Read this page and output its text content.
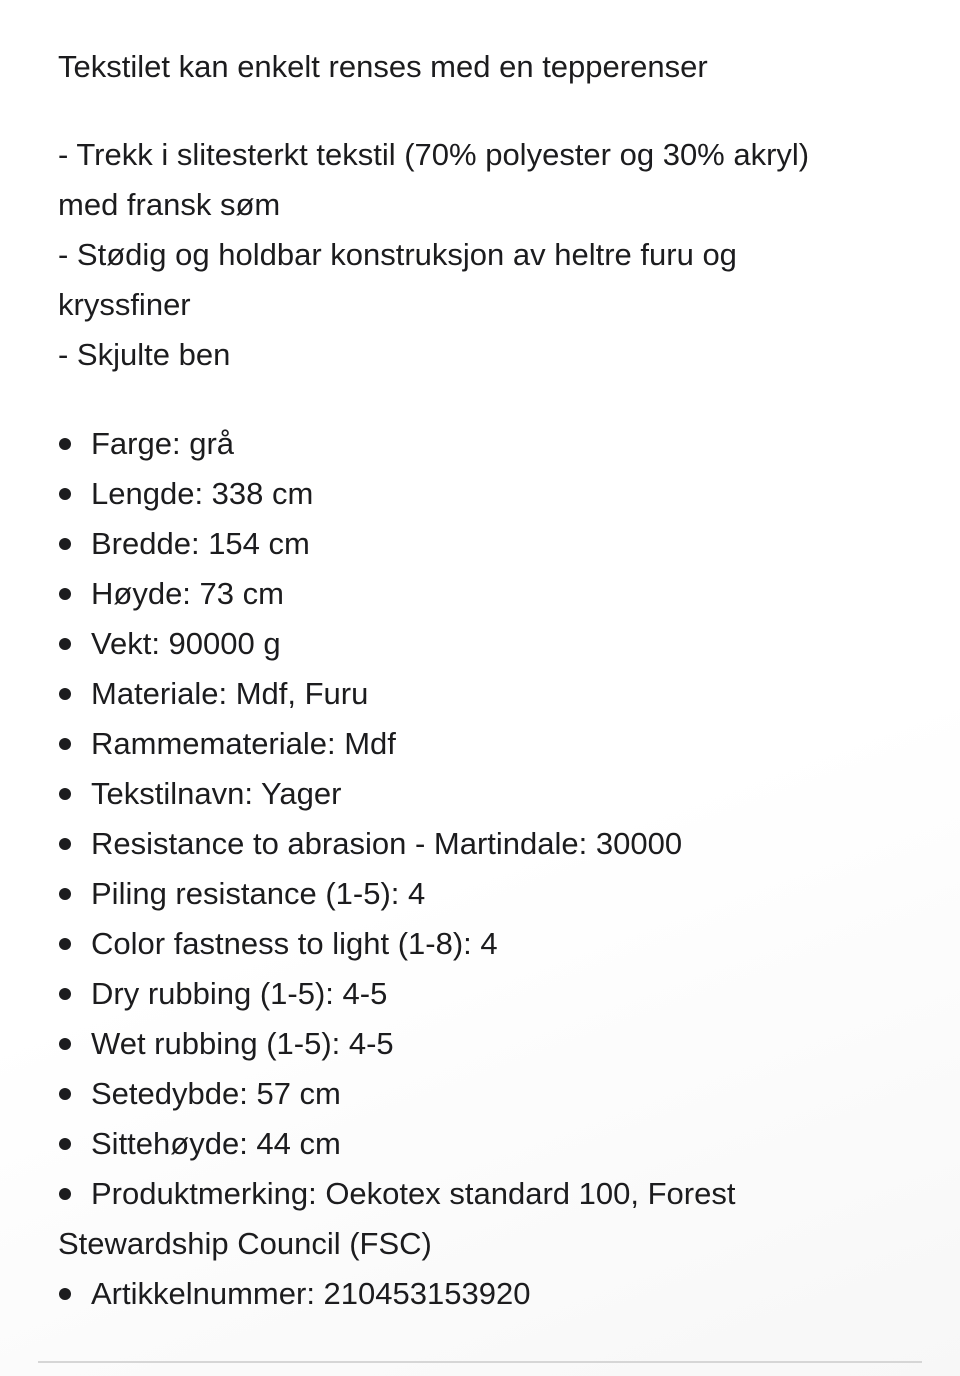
Tekstilet kan enkelt renses med en tepperenser

- Trekk i slitesterkt tekstil (70% polyester og 30% akryl) med fransk søm
- Stødig og holdbar konstruksjon av heltre furu og kryssfiner
- Skjulte ben
Farge: grå
Lengde: 338 cm
Bredde: 154 cm
Høyde: 73 cm
Vekt: 90000 g
Materiale: Mdf, Furu
Rammemateriale: Mdf
Tekstilnavn: Yager
Resistance to abrasion - Martindale: 30000
Piling resistance (1-5): 4
Color fastness to light (1-8): 4
Dry rubbing (1-5): 4-5
Wet rubbing (1-5): 4-5
Setedybde: 57 cm
Sittehøyde: 44 cm
Produktmerking: Oekotex standard 100, Forest Stewardship Council (FSC)
Artikkelnummer: 210453153920
